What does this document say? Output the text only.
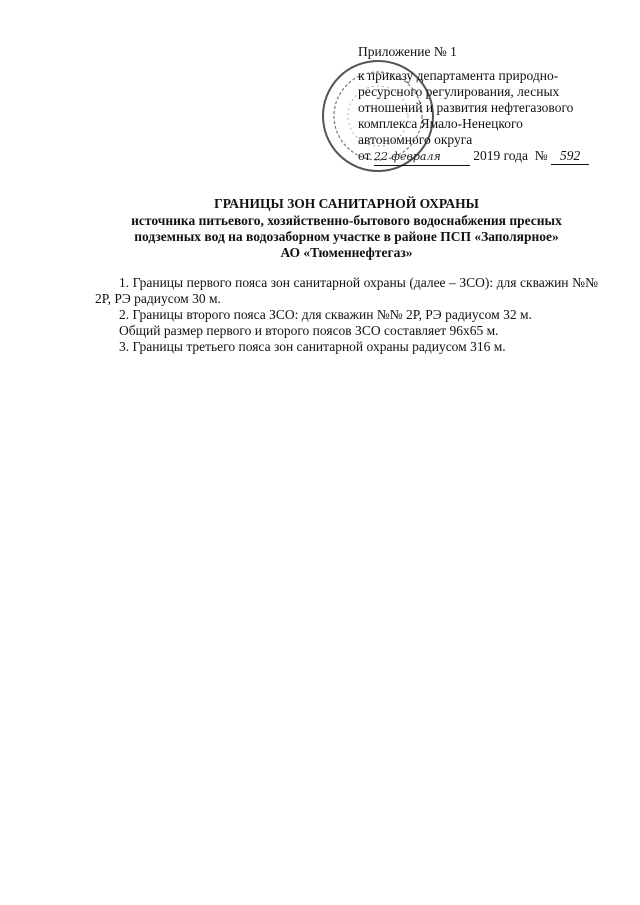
Приложение № 1
к приказу департамента природно-
ресурсного регулирования, лесных
отношений и развития нефтегазового
комплекса Ямало-Ненецкого
автономного округа
от 22 февраля 2019 года № 592
ГРАНИЦЫ ЗОН САНИТАРНОЙ ОХРАНЫ
источника питьевого, хозяйственно-бытового водоснабжения пресных
подземных вод на водозаборном участке в районе ПСП «Заполярное»
АО «Тюменнефтегаз»

1. Границы первого пояса зон санитарной охраны (далее – ЗСО): для скважин №№ 2Р, РЭ радиусом 30 м.

2. Границы второго пояса ЗСО: для скважин №№ 2Р, РЭ радиусом 32 м.

Общий размер первого и второго поясов ЗСО составляет 96х65 м.

3. Границы третьего пояса зон санитарной охраны радиусом 316 м.
